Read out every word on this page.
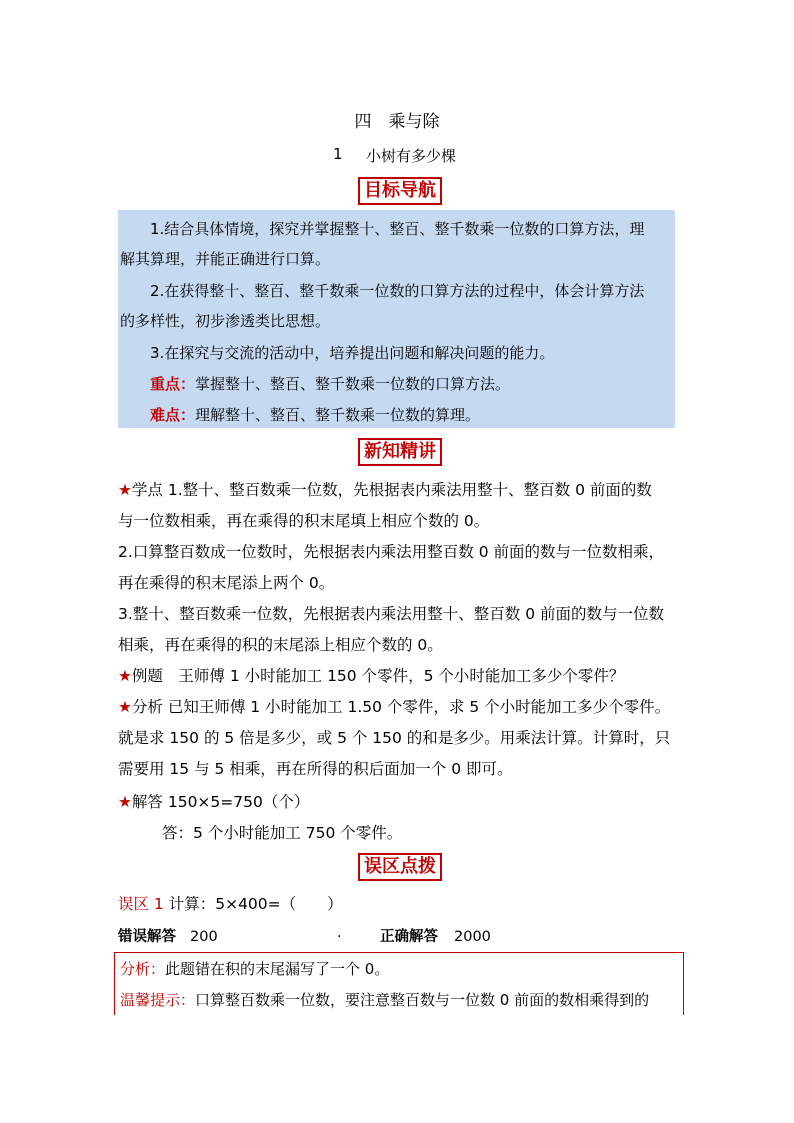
四　乘与除
1 小树有多少棵
目标导航
1.结合具体情境，探究并掌握整十、整百、整千数乘一位数的口算方法，理
解其算理，并能正确进行口算。
2.在获得整十、整百、整千数乘一位数的口算方法的过程中，体会计算方法
的多样性，初步渗透类比思想。
3.在探究与交流的活动中，培养提出问题和解决问题的能力。
重点：掌握整十、整百、整千数乘一位数的口算方法。
难点：理解整十、整百、整千数乘一位数的算理。
新知精讲
★学点 1.整十、整百数乘一位数，先根据表内乘法用整十、整百数 0 前面的数
与一位数相乘，再在乘得的积末尾填上相应个数的 0。
2.口算整百数成一位数时，先根据表内乘法用整百数 0 前面的数与一位数相乘，
再在乘得的积末尾添上两个 0。
3.整十、整百数乘一位数，先根据表内乘法用整十、整百数 0 前面的数与一位数
相乘，再在乘得的积的末尾添上相应个数的 0。
★例题　王师傅 1 小时能加工 150 个零件，5 个小时能加工多少个零件？
★分析 已知王师傅 1 小时能加工 1.50 个零件，求 5 个小时能加工多少个零件。
就是求 150 的 5 倍是多少，或 5 个 150 的和是多少。用乘法计算。计算时，只
需要用 15 与 5 相乘，再在所得的积后面加一个 0 即可。
★解答 150×5=750（个）
答：5 个小时能加工 750 个零件。
误区点拨
误区 1 计算：5×400=（　　）
错误解答 200	.	正确解答 2000
分析：此题错在积的末尾漏写了一个 0。
温馨提示：口算整百数乘一位数，要注意整百数与一位数 0 前面的数相乘得到的
